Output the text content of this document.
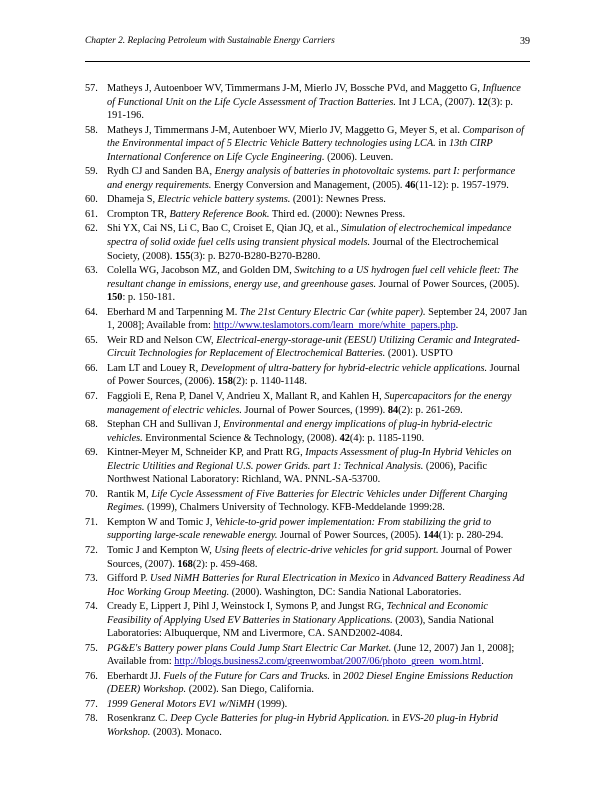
Chapter 2. Replacing Petroleum with Sustainable Energy Carriers	39
57. Matheys J, Autoenboer WV, Timmermans J-M, Mierlo JV, Bossche PVd, and Maggetto G, Influence of Functional Unit on the Life Cycle Assessment of Traction Batteries. Int J LCA, (2007). 12(3): p. 191-196.
58. Matheys J, Timmermans J-M, Autenboer WV, Mierlo JV, Maggetto G, Meyer S, et al. Comparison of the Environmental impact of 5 Electric Vehicle Battery technologies using LCA. in 13th CIRP International Conference on Life Cycle Engineering. (2006). Leuven.
59. Rydh CJ and Sanden BA, Energy analysis of batteries in photovoltaic systems. part I: performance and energy requirements. Energy Conversion and Management, (2005). 46(11-12): p. 1957-1979.
60. Dhameja S, Electric vehicle battery systems. (2001): Newnes Press.
61. Crompton TR, Battery Reference Book. Third ed. (2000): Newnes Press.
62. Shi YX, Cai NS, Li C, Bao C, Croiset E, Qian JQ, et al., Simulation of electrochemical impedance spectra of solid oxide fuel cells using transient physical models. Journal of the Electrochemical Society, (2008). 155(3): p. B270-B280-B270-B280.
63. Colella WG, Jacobson MZ, and Golden DM, Switching to a US hydrogen fuel cell vehicle fleet: The resultant change in emissions, energy use, and greenhouse gases. Journal of Power Sources, (2005). 150: p. 150-181.
64. Eberhard M and Tarpenning M. The 21st Century Electric Car (white paper). September 24, 2007 Jan 1, 2008]; Available from: http://www.teslamotors.com/learn_more/white_papers.php.
65. Weir RD and Nelson CW, Electrical-energy-storage-unit (EESU) Utilizing Ceramic and Integrated-Circuit Technologies for Replacement of Electrochemical Batteries. (2001). USPTO
66. Lam LT and Louey R, Development of ultra-battery for hybrid-electric vehicle applications. Journal of Power Sources, (2006). 158(2): p. 1140-1148.
67. Faggioli E, Rena P, Danel V, Andrieu X, Mallant R, and Kahlen H, Supercapacitors for the energy management of electric vehicles. Journal of Power Sources, (1999). 84(2): p. 261-269.
68. Stephan CH and Sullivan J, Environmental and energy implications of plug-in hybrid-electric vehicles. Environmental Science & Technology, (2008). 42(4): p. 1185-1190.
69. Kintner-Meyer M, Schneider KP, and Pratt RG, Impacts Assessment of plug-In Hybrid Vehicles on Electric Utilities and Regional U.S. power Grids. part 1: Technical Analysis. (2006), Pacific Northwest National Laboratory: Richland, WA. PNNL-SA-53700.
70. Rantik M, Life Cycle Assessment of Five Batteries for Electric Vehicles under Different Charging Regimes. (1999), Chalmers University of Technology. KFB-Meddelande 1999:28.
71. Kempton W and Tomic J, Vehicle-to-grid power implementation: From stabilizing the grid to supporting large-scale renewable energy. Journal of Power Sources, (2005). 144(1): p. 280-294.
72. Tomic J and Kempton W, Using fleets of electric-drive vehicles for grid support. Journal of Power Sources, (2007). 168(2): p. 459-468.
73. Gifford P. Used NiMH Batteries for Rural Electrication in Mexico in Advanced Battery Readiness Ad Hoc Working Group Meeting. (2000). Washington, DC: Sandia National Laboratories.
74. Cready E, Lippert J, Pihl J, Weinstock I, Symons P, and Jungst RG, Technical and Economic Feasibility of Applying Used EV Batteries in Stationary Applications. (2003), Sandia National Laboratories: Albuquerque, NM and Livermore, CA. SAND2002-4084.
75. PG&E's Battery power plans Could Jump Start Electric Car Market. (June 12, 2007) Jan 1, 2008]; Available from: http://blogs.business2.com/greenwombat/2007/06/photo_green_wom.html.
76. Eberhardt JJ. Fuels of the Future for Cars and Trucks. in 2002 Diesel Engine Emissions Reduction (DEER) Workshop. (2002). San Diego, California.
77. 1999 General Motors EV1 w/NiMH (1999).
78. Rosenkranz C. Deep Cycle Batteries for plug-in Hybrid Application. in EVS-20 plug-in Hybrid Workshop. (2003). Monaco.
